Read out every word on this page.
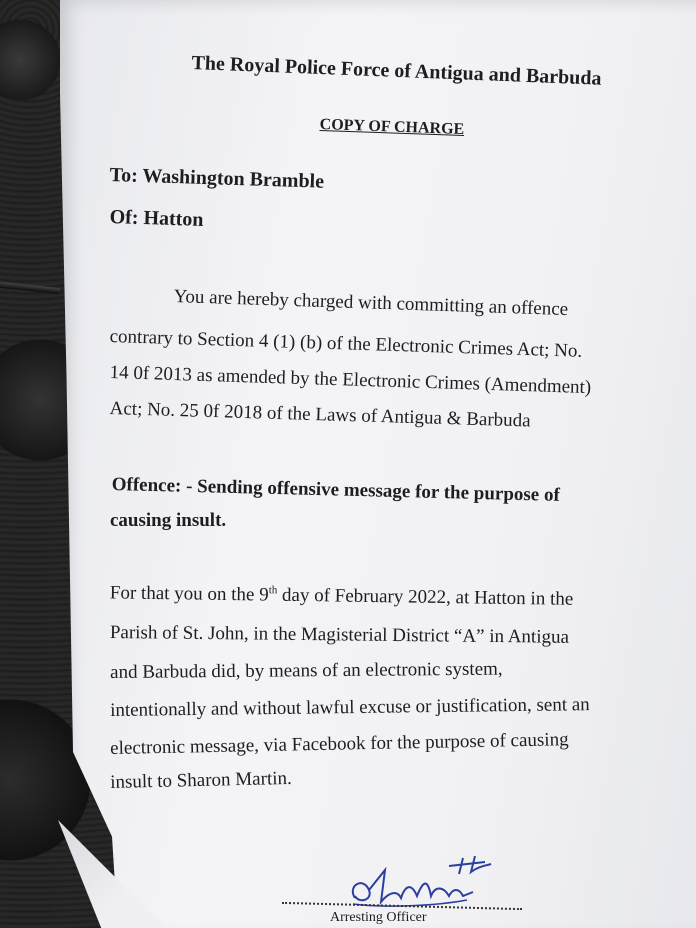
The Royal Police Force of Antigua and Barbuda

COPY OF CHARGE

To: Washington Bramble

Of: Hatton

You are hereby charged with committing an offence

contrary to Section 4 (1) (b) of the Electronic Crimes Act; No.

14 0f 2013 as amended by the Electronic Crimes (Amendment)

Act; No. 25 0f 2018 of the Laws of Antigua & Barbuda

Offence: - Sending offensive message for the purpose of

causing insult.

For that you on the 9th day of February 2022, at Hatton in the

Parish of St. John, in the Magisterial District “A” in Antigua

and Barbuda did, by means of an electronic system,

intentionally and without lawful excuse or justification, sent an

electronic message, via Facebook for the purpose of causing

insult to Sharon Martin.

Arresting Officer
